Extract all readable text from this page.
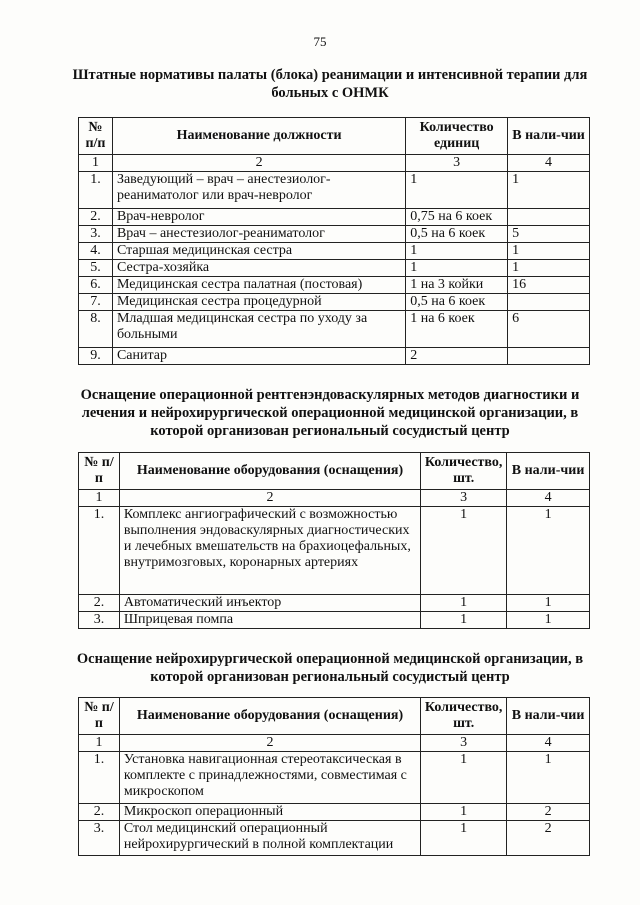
75
Штатные нормативы палаты (блока) реанимации и интенсивной терапии для больных с ОНМК
№ п/п	Наименование должности	Количество единиц	В нали-чии
1	2	3	4
1.	Заведующий – врач – анестезиолог-реаниматолог или врач-невролог	1	1
2.	Врач-невролог	0,75 на 6 коек	
3.	Врач – анестезиолог-реаниматолог	0,5 на 6 коек	5
4.	Старшая медицинская сестра	1	1
5.	Сестра-хозяйка	1	1
6.	Медицинская сестра палатная (постовая)	1 на 3 койки	16
7.	Медицинская сестра процедурной	0,5 на 6 коек	
8.	Младшая медицинская сестра по уходу за больными	1 на 6 коек	6
9.	Санитар	2	
Оснащение операционной рентгенэндоваскулярных методов диагностики и лечения и нейрохирургической операционной медицинской организации, в которой организован региональный сосудистый центр
№ п/п	Наименование оборудования (оснащения)	Количество, шт.	В нали-чии
1	2	3	4
1.	Комплекс ангиографический с возможностью выполнения эндоваскулярных диагностических и лечебных вмешательств на брахиоцефальных, внутримозговых, коронарных артериях	1	1
2.	Автоматический инъектор	1	1
3.	Шприцевая помпа	1	1
Оснащение нейрохирургической операционной медицинской организации, в которой организован региональный сосудистый центр
№ п/ п	Наименование оборудования (оснащения)	Количество, шт.	В нали-чии
1	2	3	4
1.	Установка навигационная стереотаксическая в комплекте с принадлежностями, совместимая с микроскопом	1	1
2.	Микроскоп операционный	1	2
3.	Стол медицинский операционный нейрохирургический в полной комплектации	1	2
